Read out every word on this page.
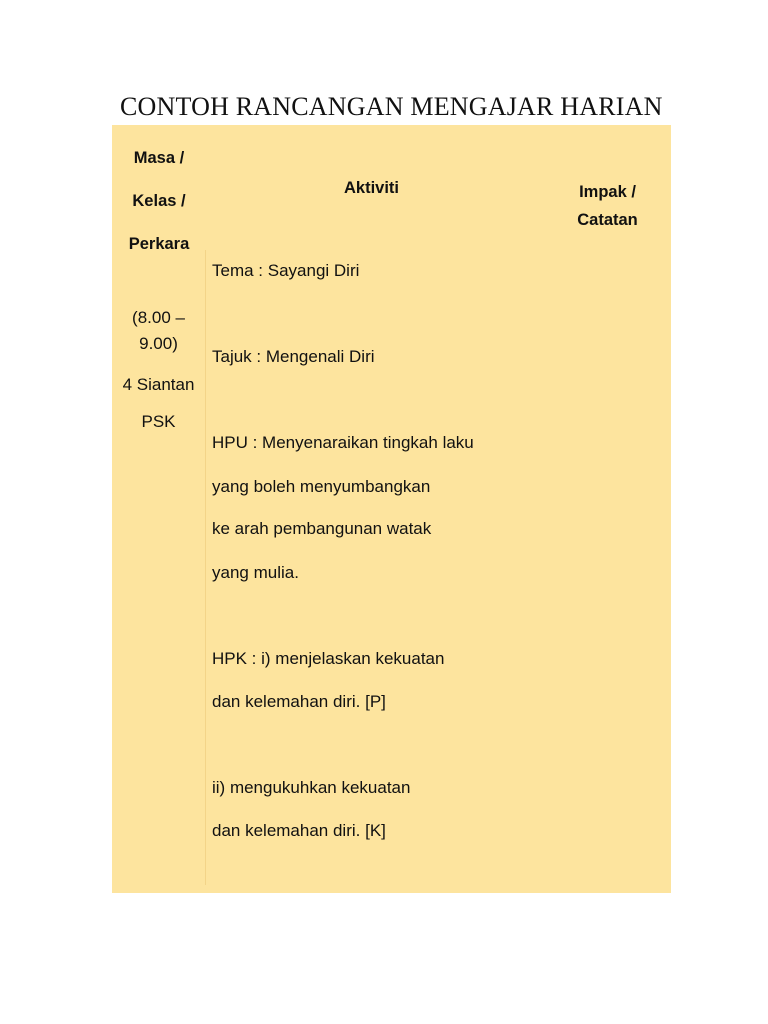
CONTOH RANCANGAN MENGAJAR HARIAN
Masa /
Kelas /
Perkara
Aktiviti	Impak /
Catatan
(8.00 –
9.00)
4 Siantan
PSK
Tema : Sayangi Diri
Tajuk : Mengenali Diri
HPU : Menyenaraikan tingkah laku
yang boleh menyumbangkan
ke arah pembangunan watak
yang mulia.
HPK : i) menjelaskan kekuatan
dan kelemahan diri. [P]
ii) mengukuhkan kekuatan
dan kelemahan diri. [K]
